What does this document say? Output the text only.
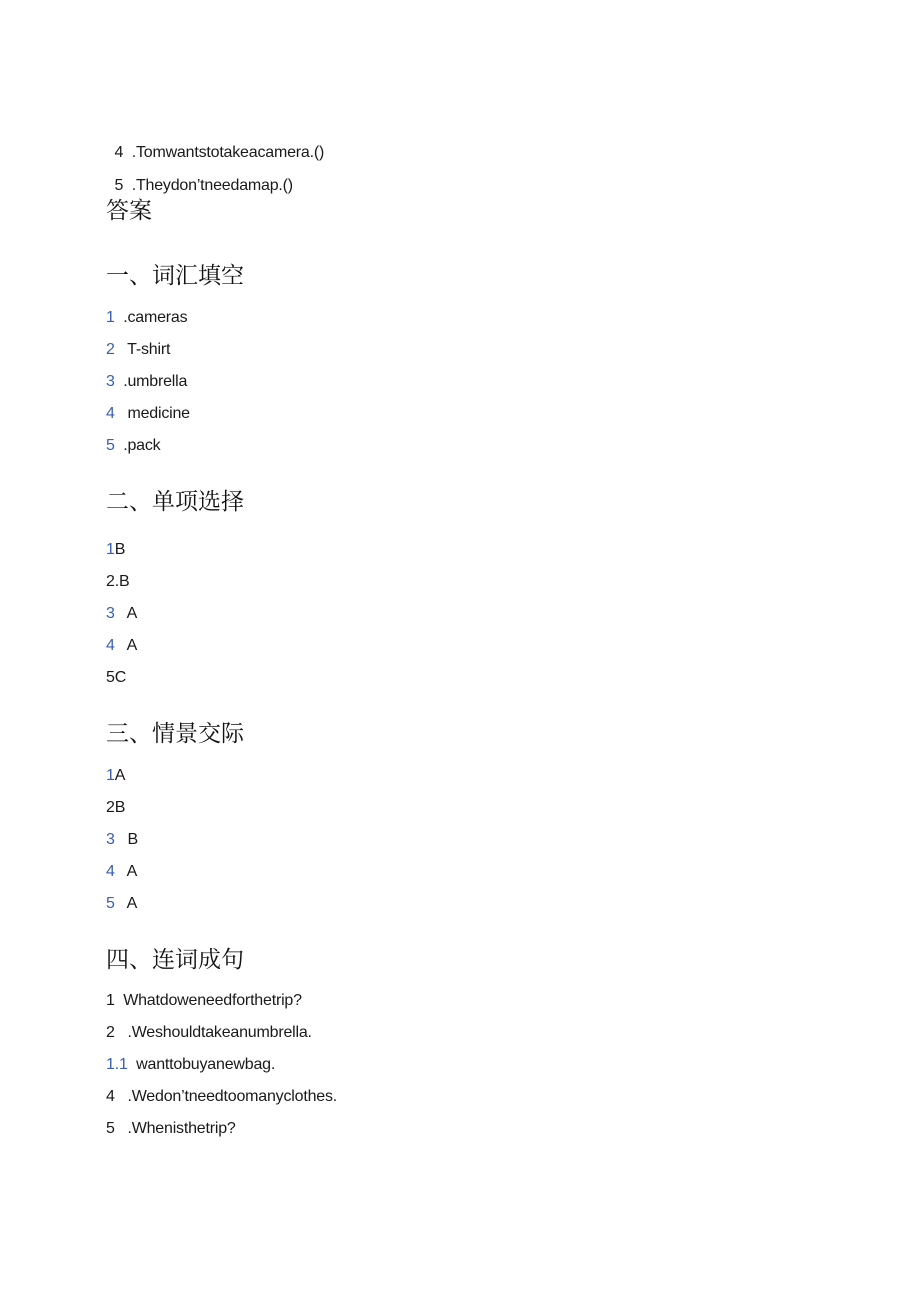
4 .Tomwantstotakeacamera.()

5 .Theydon’tneedamap.()

答案
一、词汇填空
1 .cameras
2 T-shirt
3 .umbrella
4 medicine
5 .pack
二、单项选择
1B
2.B
3 A
4 A
5C
三、情景交际
1A
2B
3 B
4 A
5 A
四、连词成句
1 Whatdoweneedforthetrip?
2 .Weshouldtakeanumbrella.
1.1 wanttobuyanewbag.
4 .Wedon’tneedtoomanyclothes.
5 .Whenisthetrip?
